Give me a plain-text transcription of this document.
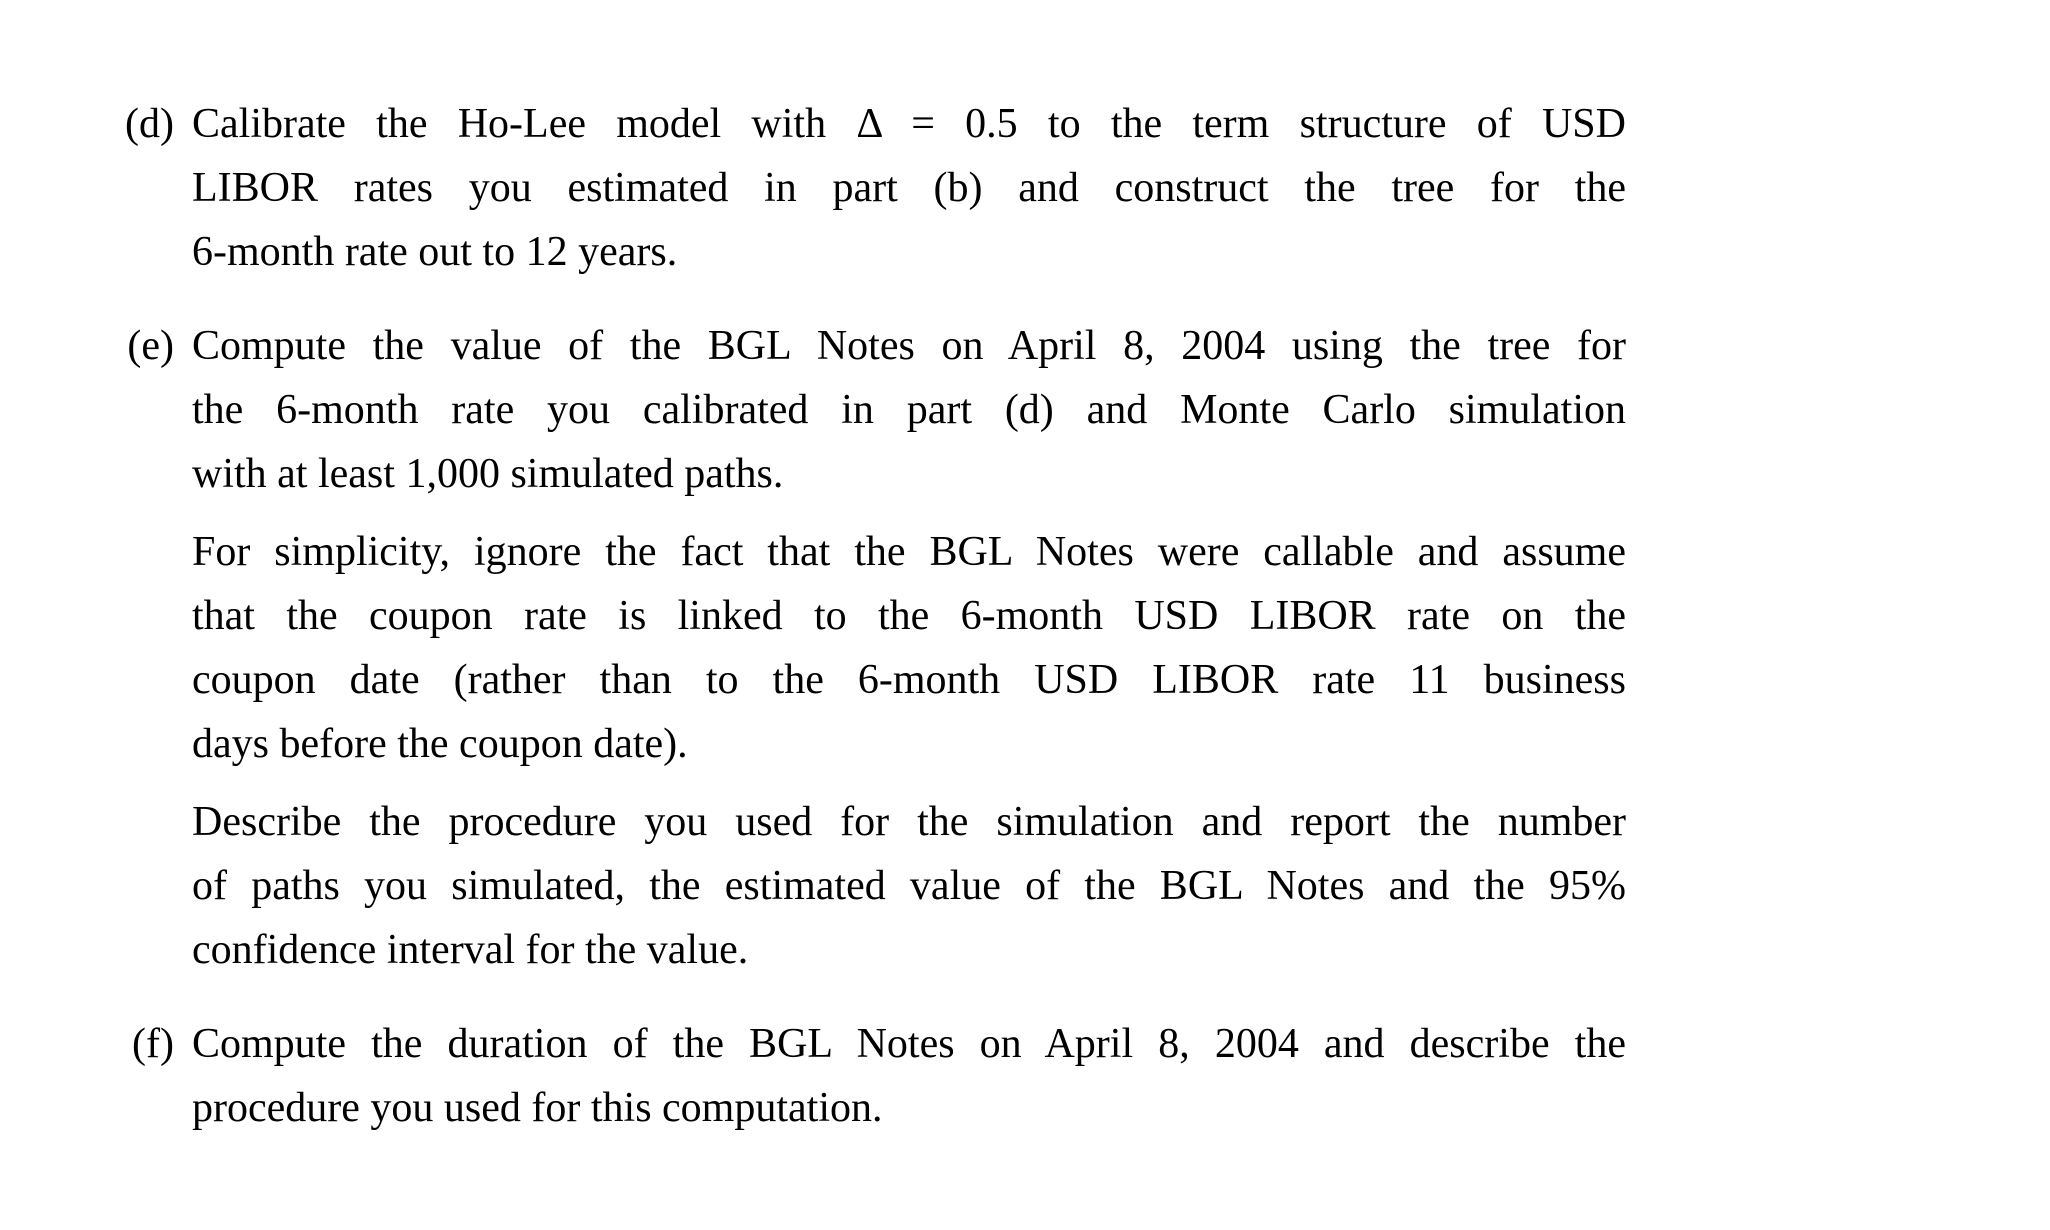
(d) Calibrate the Ho-Lee model with Δ = 0.5 to the term structure of USD
LIBOR rates you estimated in part (b) and construct the tree for the
6-month rate out to 12 years.
(e) Compute the value of the BGL Notes on April 8, 2004 using the tree for
the 6-month rate you calibrated in part (d) and Monte Carlo simulation
with at least 1,000 simulated paths.
For simplicity, ignore the fact that the BGL Notes were callable and assume
that the coupon rate is linked to the 6-month USD LIBOR rate on the
coupon date (rather than to the 6-month USD LIBOR rate 11 business
days before the coupon date).
Describe the procedure you used for the simulation and report the number
of paths you simulated, the estimated value of the BGL Notes and the 95%
confidence interval for the value.
(f) Compute the duration of the BGL Notes on April 8, 2004 and describe the
procedure you used for this computation.
